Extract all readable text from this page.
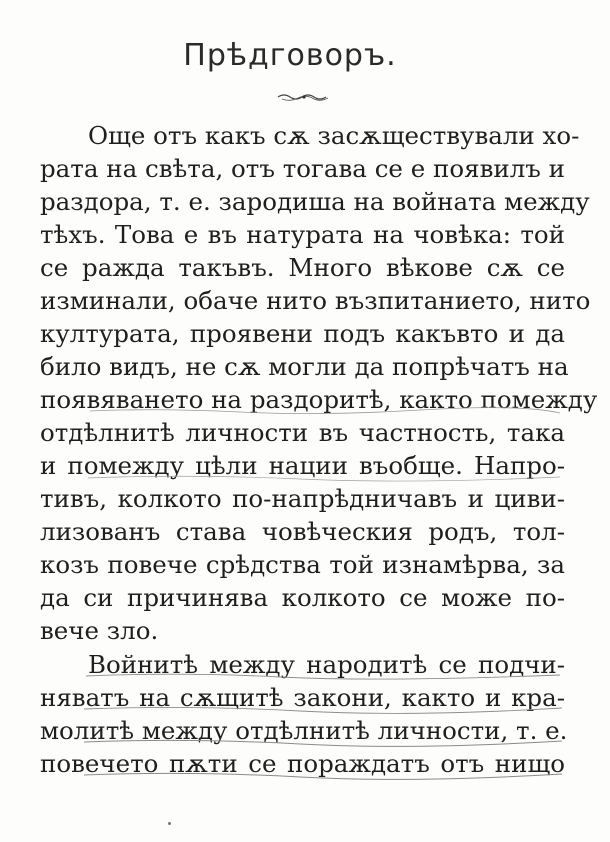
Прѣдговоръ.
Още отъ какъ сѫ засѫществували хо-
рата на свѣта, отъ тогава се е появилъ и
раздора, т. е. зародишa на войната между
тѣхъ. Това е въ натурата на човѣка: той
се ражда такъвъ. Много вѣкове сѫ се
изминали, обаче нито възпитанието, нито
културата, проявени подъ какъвто и да
било видъ, не сѫ могли да попрѣчатъ на
появяването на раздоритѣ, както помежду
отдѣлнитѣ личности въ частность, така
и помежду цѣли нации въобще. Напро-
тивъ, колкото по-напрѣдничавъ и циви-
лизованъ става човѣческия родъ, тол-
козъ повече срѣдства той изнамѣрва, за
да си причинява колкото се може по-
вече зло.
Войнитѣ между народитѣ се подчи-
няватъ на сѫщитѣ закони, както и кра-
молитѣ между отдѣлнитѣ личности, т. е.
повечето пѫти се пораждатъ отъ нищо
